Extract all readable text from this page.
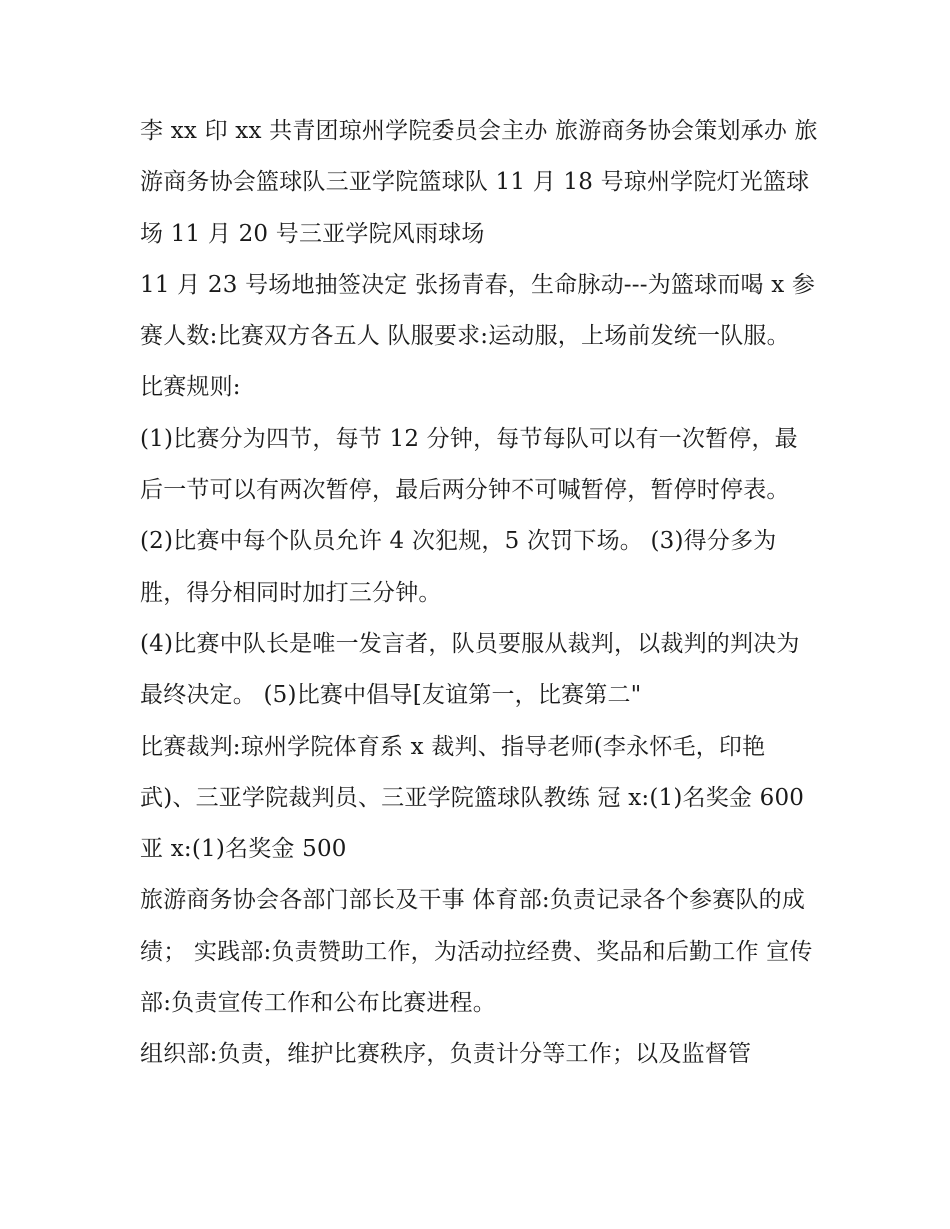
李 xx 印 xx 共青团琼州学院委员会主办 旅游商务协会策划承办 旅游商务协会篮球队三亚学院篮球队 11 月 18 号琼州学院灯光篮球场 11 月 20 号三亚学院风雨球场

11 月 23 号场地抽签决定 张扬青春，生命脉动---为篮球而喝 x 参赛人数:比赛双方各五人 队服要求:运动服，上场前发统一队服。 比赛规则:

(1)比赛分为四节，每节 12 分钟，每节每队可以有一次暂停，最后一节可以有两次暂停，最后两分钟不可喊暂停，暂停时停表。

(2)比赛中每个队员允许 4 次犯规，5 次罚下场。 (3)得分多为胜，得分相同时加打三分钟。

(4)比赛中队长是唯一发言者，队员要服从裁判，以裁判的判决为最终决定。 (5)比赛中倡导[友谊第一，比赛第二"

比赛裁判:琼州学院体育系 x 裁判、指导老师(李永怀毛，印艳武)、三亚学院裁判员、三亚学院篮球队教练 冠 x:(1)名奖金 600 亚 x:(1)名奖金 500

旅游商务协会各部门部长及干事 体育部:负责记录各个参赛队的成绩； 实践部:负责赞助工作，为活动拉经费、奖品和后勤工作 宣传部:负责宣传工作和公布比赛进程。

组织部:负责，维护比赛秩序，负责计分等工作；以及监督管
